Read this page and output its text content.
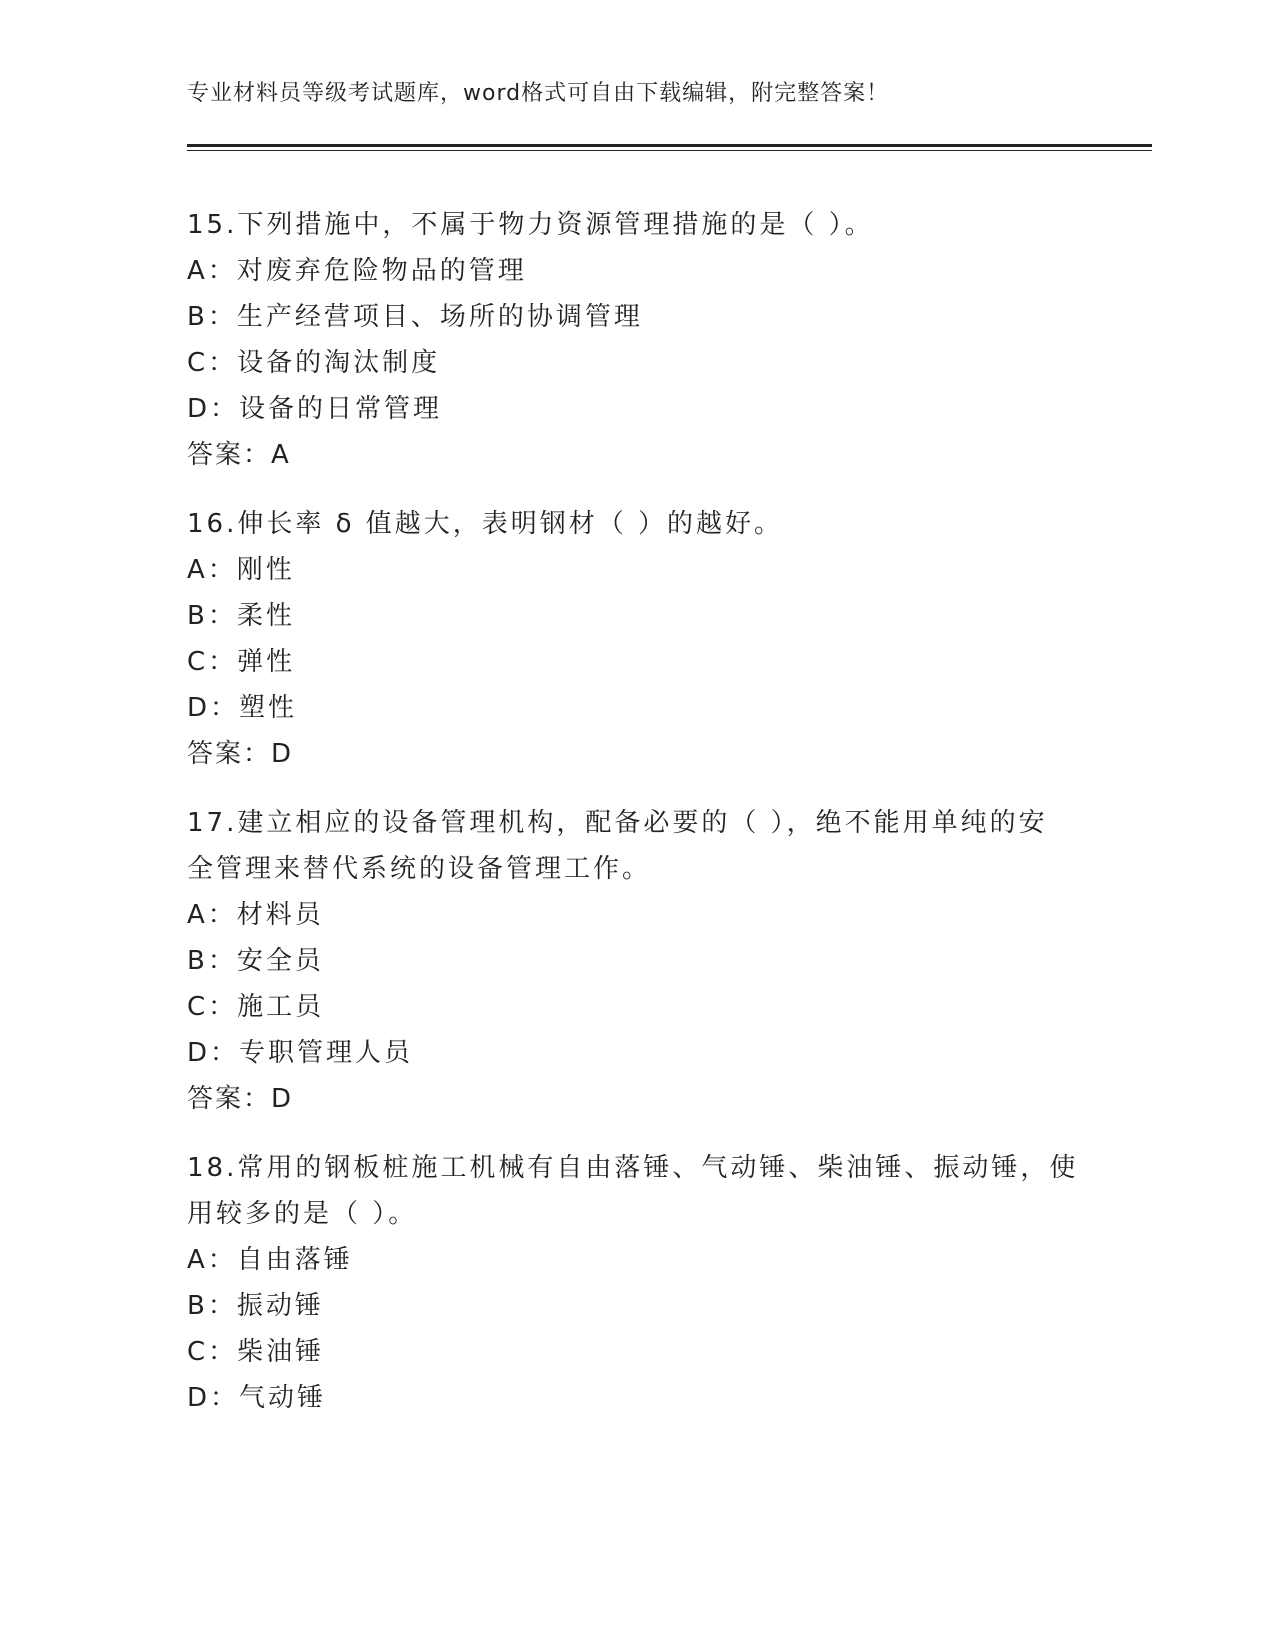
专业材料员等级考试题库，word格式可自由下载编辑，附完整答案！
15.下列措施中，不属于物力资源管理措施的是（ ）。
A：对废弃危险物品的管理
B：生产经营项目、场所的协调管理
C：设备的淘汰制度
D：设备的日常管理
答案：A
16.伸长率 δ 值越大，表明钢材（ ）的越好。
A：刚性
B：柔性
C：弹性
D：塑性
答案：D
17.建立相应的设备管理机构，配备必要的（ ），绝不能用单纯的安
全管理来替代系统的设备管理工作。
A：材料员
B：安全员
C：施工员
D：专职管理人员
答案：D
18.常用的钢板桩施工机械有自由落锤、气动锤、柴油锤、振动锤，使
用较多的是（ ）。
A：自由落锤
B：振动锤
C：柴油锤
D：气动锤
